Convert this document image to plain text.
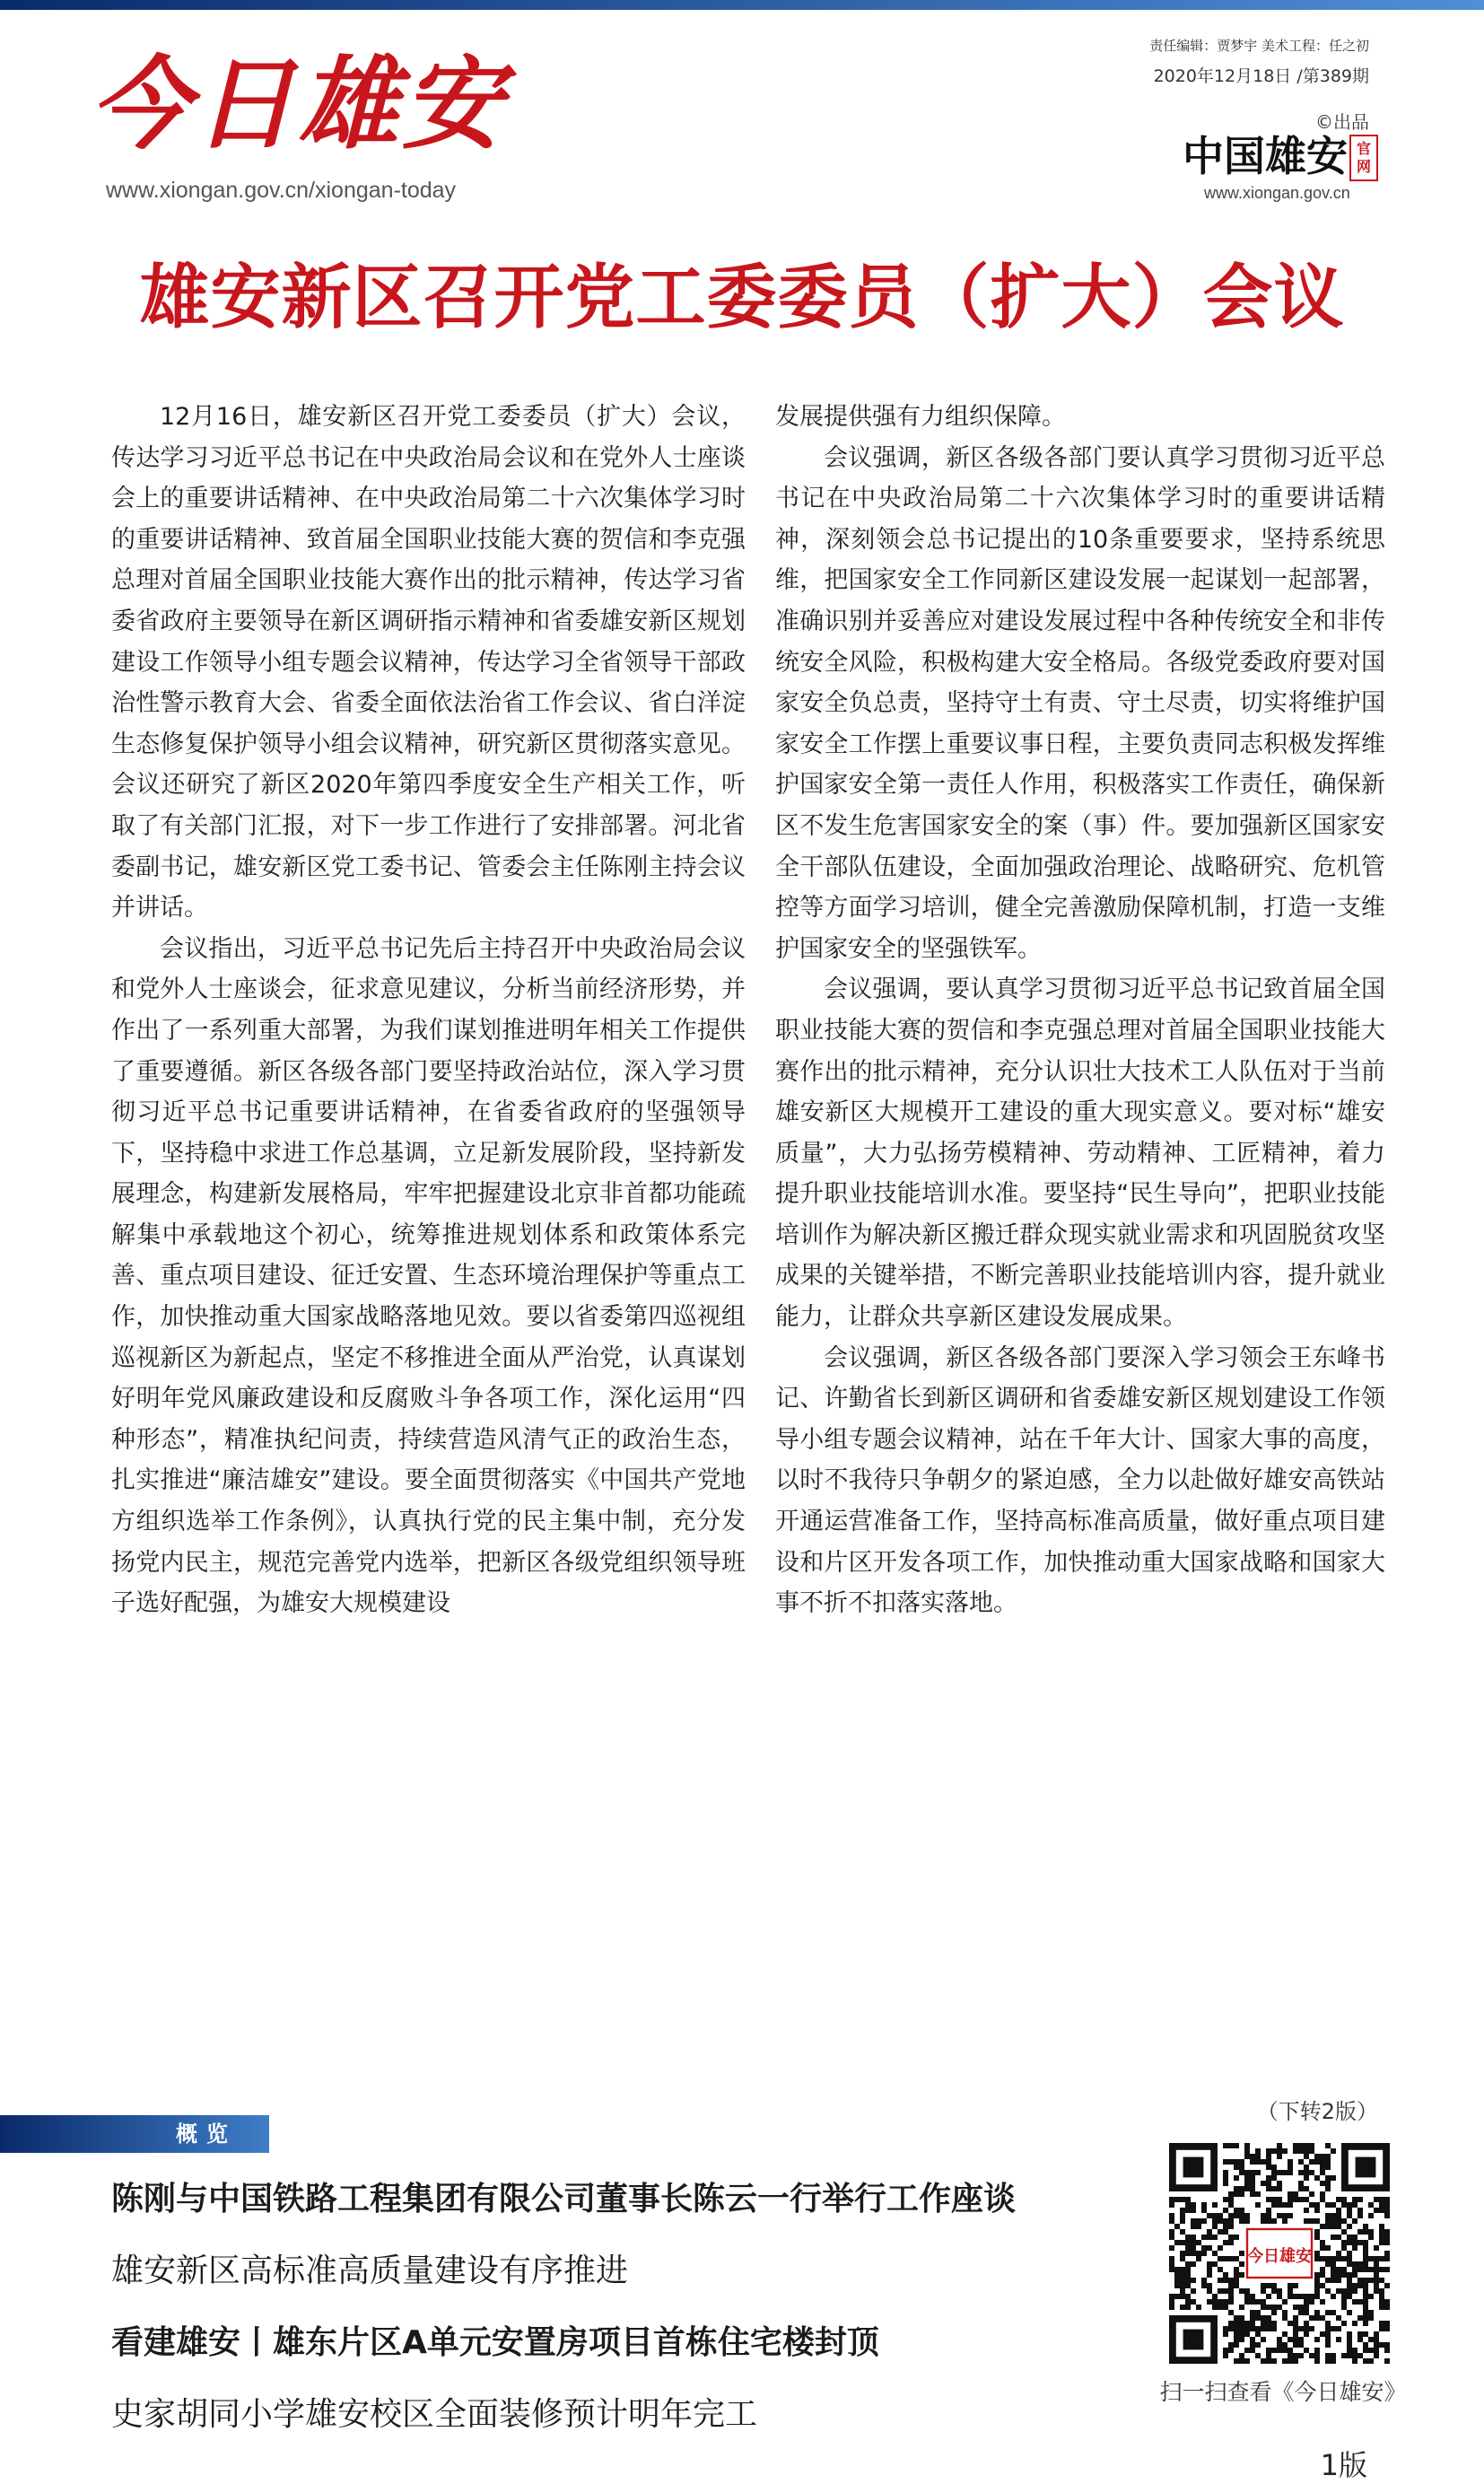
今日雄安
www.xiongan.gov.cn/xiongan-today
责任编辑：贾梦宇 美术工程：任之初
2020年12月18日 /第389期
©出品
中国雄安 官
网
www.xiongan.gov.cn
雄安新区召开党工委委员（扩大）会议

12月16日，雄安新区召开党工委委员（扩大）会议，传达学习习近平总书记在中央政治局会议和在党外人士座谈会上的重要讲话精神、在中央政治局第二十六次集体学习时的重要讲话精神、致首届全国职业技能大赛的贺信和李克强总理对首届全国职业技能大赛作出的批示精神，传达学习省委省政府主要领导在新区调研指示精神和省委雄安新区规划建设工作领导小组专题会议精神，传达学习全省领导干部政治性警示教育大会、省委全面依法治省工作会议、省白洋淀生态修复保护领导小组会议精神，研究新区贯彻落实意见。会议还研究了新区2020年第四季度安全生产相关工作，听取了有关部门汇报，对下一步工作进行了安排部署。河北省委副书记，雄安新区党工委书记、管委会主任陈刚主持会议并讲话。

会议指出，习近平总书记先后主持召开中央政治局会议和党外人士座谈会，征求意见建议，分析当前经济形势，并作出了一系列重大部署，为我们谋划推进明年相关工作提供了重要遵循。新区各级各部门要坚持政治站位，深入学习贯彻习近平总书记重要讲话精神，在省委省政府的坚强领导下，坚持稳中求进工作总基调，立足新发展阶段，坚持新发展理念，构建新发展格局，牢牢把握建设北京非首都功能疏解集中承载地这个初心，统筹推进规划体系和政策体系完善、重点项目建设、征迁安置、生态环境治理保护等重点工作，加快推动重大国家战略落地见效。要以省委第四巡视组巡视新区为新起点，坚定不移推进全面从严治党，认真谋划好明年党风廉政建设和反腐败斗争各项工作，深化运用“四种形态”，精准执纪问责，持续营造风清气正的政治生态，扎实推进“廉洁雄安”建设。要全面贯彻落实《中国共产党地方组织选举工作条例》，认真执行党的民主集中制，充分发扬党内民主，规范完善党内选举，把新区各级党组织领导班子选好配强，为雄安大规模建设

发展提供强有力组织保障。

会议强调，新区各级各部门要认真学习贯彻习近平总书记在中央政治局第二十六次集体学习时的重要讲话精神，深刻领会总书记提出的10条重要要求，坚持系统思维，把国家安全工作同新区建设发展一起谋划一起部署，准确识别并妥善应对建设发展过程中各种传统安全和非传统安全风险，积极构建大安全格局。各级党委政府要对国家安全负总责，坚持守土有责、守土尽责，切实将维护国家安全工作摆上重要议事日程，主要负责同志积极发挥维护国家安全第一责任人作用，积极落实工作责任，确保新区不发生危害国家安全的案（事）件。要加强新区国家安全干部队伍建设，全面加强政治理论、战略研究、危机管控等方面学习培训，健全完善激励保障机制，打造一支维护国家安全的坚强铁军。

会议强调，要认真学习贯彻习近平总书记致首届全国职业技能大赛的贺信和李克强总理对首届全国职业技能大赛作出的批示精神，充分认识壮大技术工人队伍对于当前雄安新区大规模开工建设的重大现实意义。要对标“雄安质量”，大力弘扬劳模精神、劳动精神、工匠精神，着力提升职业技能培训水准。要坚持“民生导向”，把职业技能培训作为解决新区搬迁群众现实就业需求和巩固脱贫攻坚成果的关键举措，不断完善职业技能培训内容，提升就业能力，让群众共享新区建设发展成果。

会议强调，新区各级各部门要深入学习领会王东峰书记、许勤省长到新区调研和省委雄安新区规划建设工作领导小组专题会议精神，站在千年大计、国家大事的高度，以时不我待只争朝夕的紧迫感，全力以赴做好雄安高铁站开通运营准备工作，坚持高标准高质量，做好重点项目建设和片区开发各项工作，加快推动重大国家战略和国家大事不折不扣落实落地。

（下转2版）
概览
陈刚与中国铁路工程集团有限公司董事长陈云一行举行工作座谈
雄安新区高标准高质量建设有序推进
看建雄安丨雄东片区A单元安置房项目首栋住宅楼封顶
史家胡同小学雄安校区全面装修预计明年完工
今日雄安
扫一扫查看《今日雄安》
1版
